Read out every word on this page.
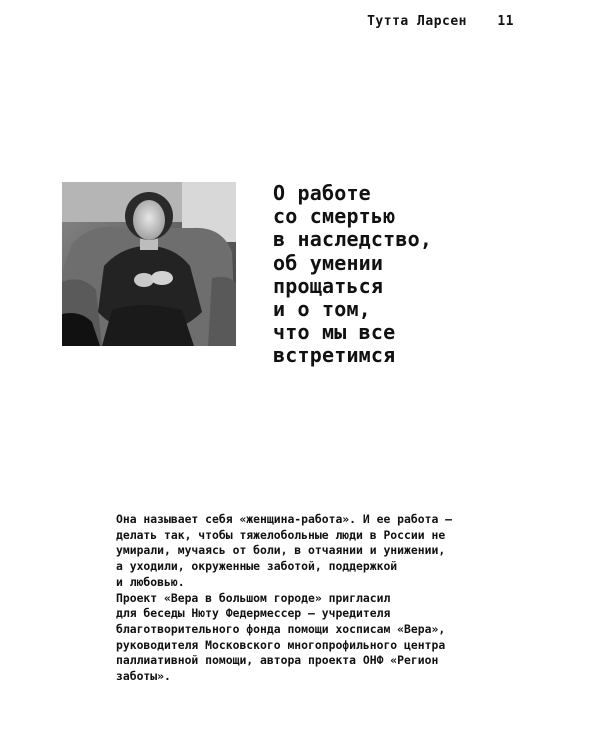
Тутта Ларсен 11
О работе
со смертью
в наследство,
об умении
прощаться
и о том,
что мы все
встретимся
Она называет себя «женщина-работа». И ее работа —
делать так, чтобы тяжелобольные люди в России не
умирали, мучаясь от боли, в отчаянии и унижении,
а уходили, окруженные заботой, поддержкой
и любовью.
Проект «Вера в большом городе» пригласил
для беседы Нюту Федермессер — учредителя
благотворительного фонда помощи хосписам «Вера»,
руководителя Московского многопрофильного центра
паллиативной помощи, автора проекта ОНФ «Регион
заботы».
